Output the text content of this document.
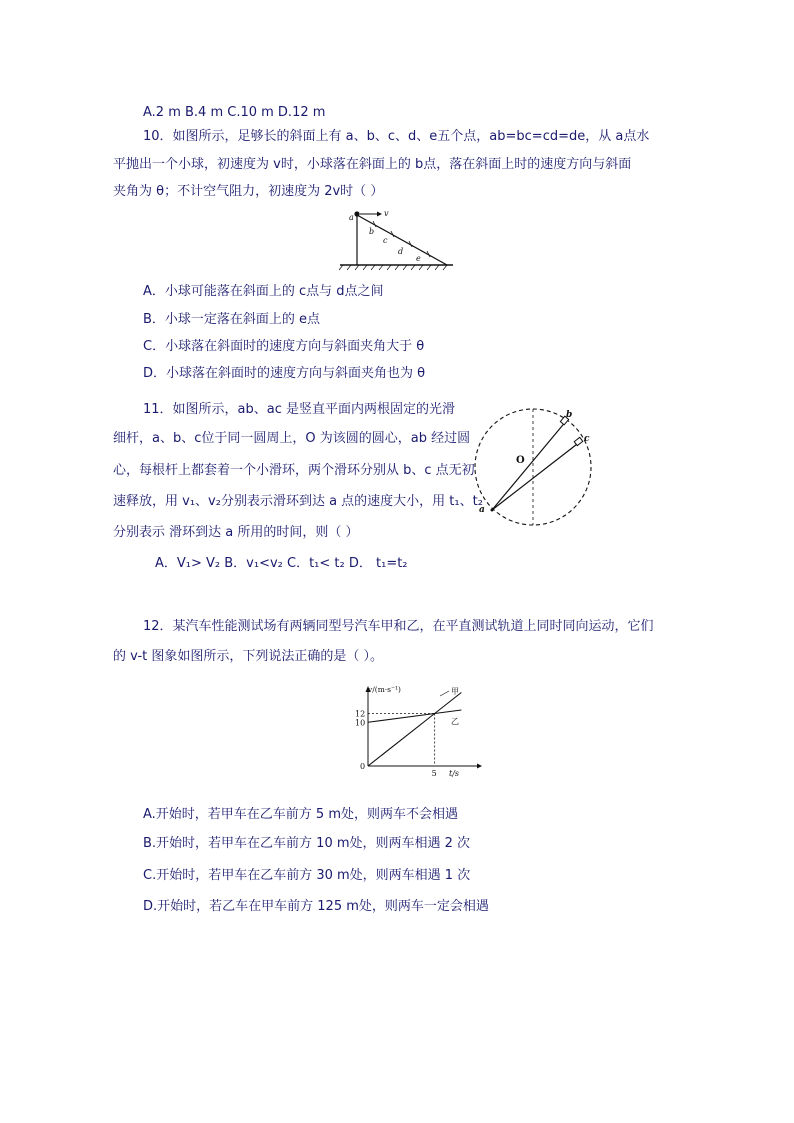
A.2 m B.4 m C.10 m D.12 m
10．如图所示，足够长的斜面上有 a、b、c、d、e五个点，ab=bc=cd=de，从 a点水
平抛出一个小球，初速度为 v时，小球落在斜面上的 b点，落在斜面上时的速度方向与斜面
夹角为 θ；不计空气阻力，初速度为 2v时（ ）
v
a
b
c
d
e
A．小球可能落在斜面上的 c点与 d点之间
B．小球一定落在斜面上的 e点
C．小球落在斜面时的速度方向与斜面夹角大于 θ
D．小球落在斜面时的速度方向与斜面夹角也为 θ
11．如图所示，ab、ac 是竖直平面内两根固定的光滑
细杆，a、b、c位于同一圆周上，O 为该圆的圆心，ab 经过圆
心，每根杆上都套着一个小滑环，两个滑环分别从 b、c 点无初
速释放，用 v₁、v₂分别表示滑环到达 a 点的速度大小，用 t₁、t₂
分别表示 滑环到达 a 所用的时间，则（ ）
b
c
O
a
A．V₁> V₂ B．v₁<v₂ C．t₁< t₂ D． t₁=t₂
12．某汽车性能测试场有两辆同型号汽车甲和乙，在平直测试轨道上同时同向运动，它们
的 v-t 图象如图所示，下列说法正确的是（ ）。
v/(m·s⁻¹)
t/s
0
5
10
12
甲
乙
A.开始时，若甲车在乙车前方 5 m处，则两车不会相遇
B.开始时，若甲车在乙车前方 10 m处，则两车相遇 2 次
C.开始时，若甲车在乙车前方 30 m处，则两车相遇 1 次
D.开始时，若乙车在甲车前方 125 m处，则两车一定会相遇
